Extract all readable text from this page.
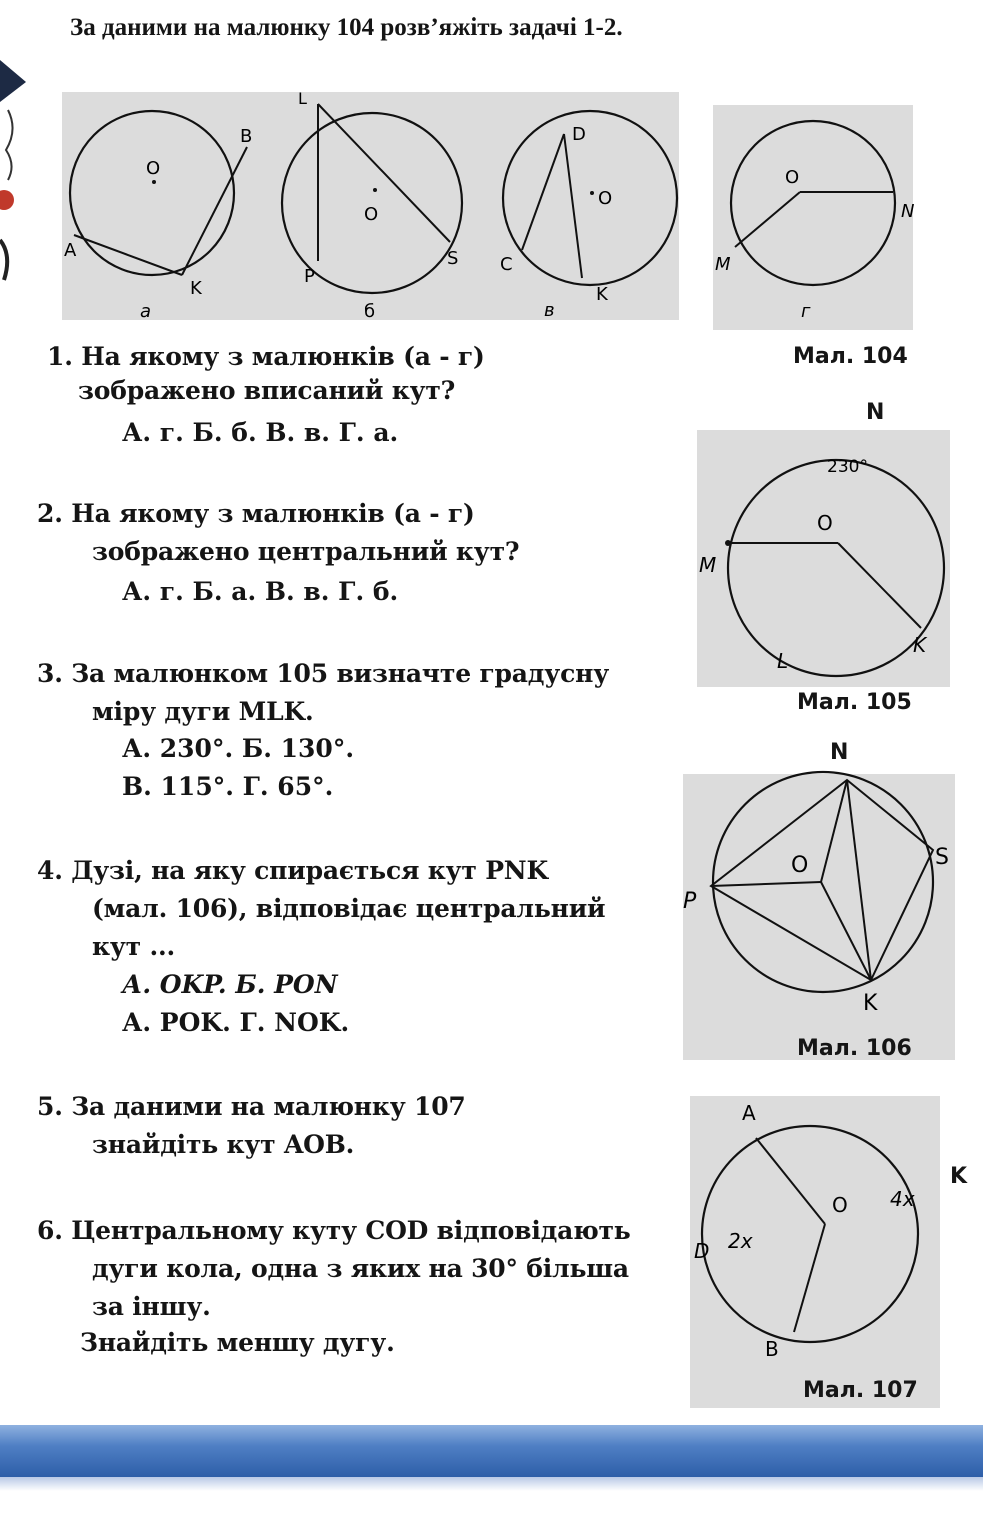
За даними на малюнку 104 розв’яжіть задачі 1-2.
O
B
A
K
а
L
O
P
S
б
D
O
C
K
в
O
N
M
г
Мал. 104
230°
O
M
K
L
N
Мал. 105
N
O	S
P
K
Мал. 106
A
O 4x
2x
D
B
K
Мал. 107
1. На якому з малюнків (а - г)
зображено вписаний кут?
А. г. Б. б. В. в. Г. а.
2. На якому з малюнків (а - г)
зображено центральний кут?
А. г. Б. а. В. в. Г. б.
3. За малюнком 105 визначте градусну
міру дуги MLK.
А. 230°. Б. 130°.
В. 115°. Г. 65°.
4. Дузі, на яку спирається кут PNK
(мал. 106), відповідає центральний
кут ...
А. OKP. Б. PON
А. POK. Г. NOK.
5. За даними на малюнку 107
знайдіть кут AOB.
6. Центральному куту COD відповідають
дуги кола, одна з яких на 30° більша
за іншу.
Знайдіть меншу дугу.
